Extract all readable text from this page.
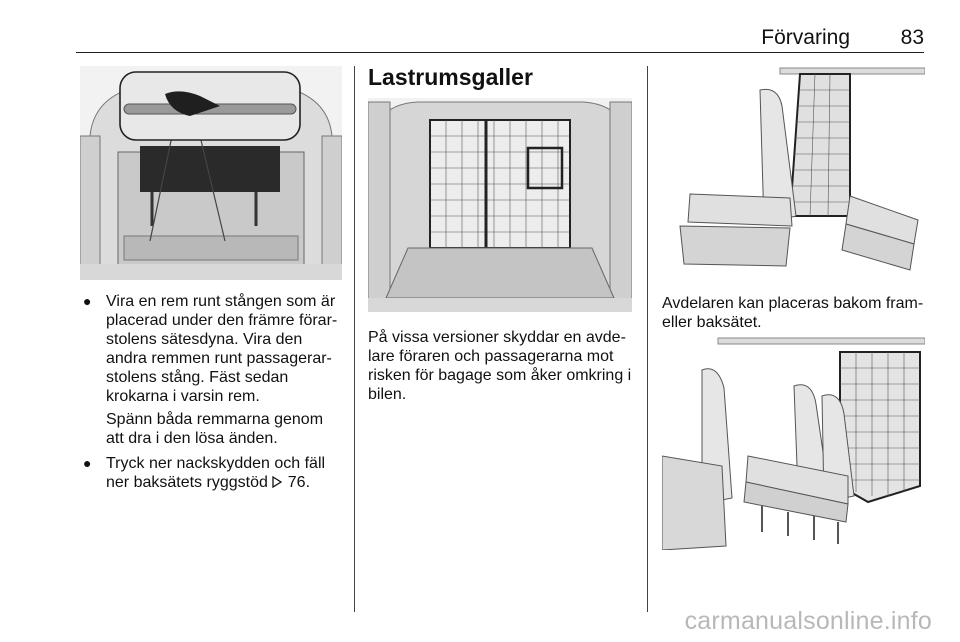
Förvaring 83
● Vira en rem runt stången som är placerad under den främre förar-stolens sätesdyna. Vira den andra remmen runt passagerar-stolens stång. Fäst sedan krokarna i varsin rem.
Spänn båda remmarna genom att dra i den lösa änden.
● Tryck ner nackskydden och fäll ner baksätets ryggstöd 76.
Lastrumsgaller
På vissa versioner skyddar en avde-lare föraren och passagerarna mot risken för bagage som åker omkring i bilen.
Avdelaren kan placeras bakom fram- eller baksätet.
carmanualsonline.info
